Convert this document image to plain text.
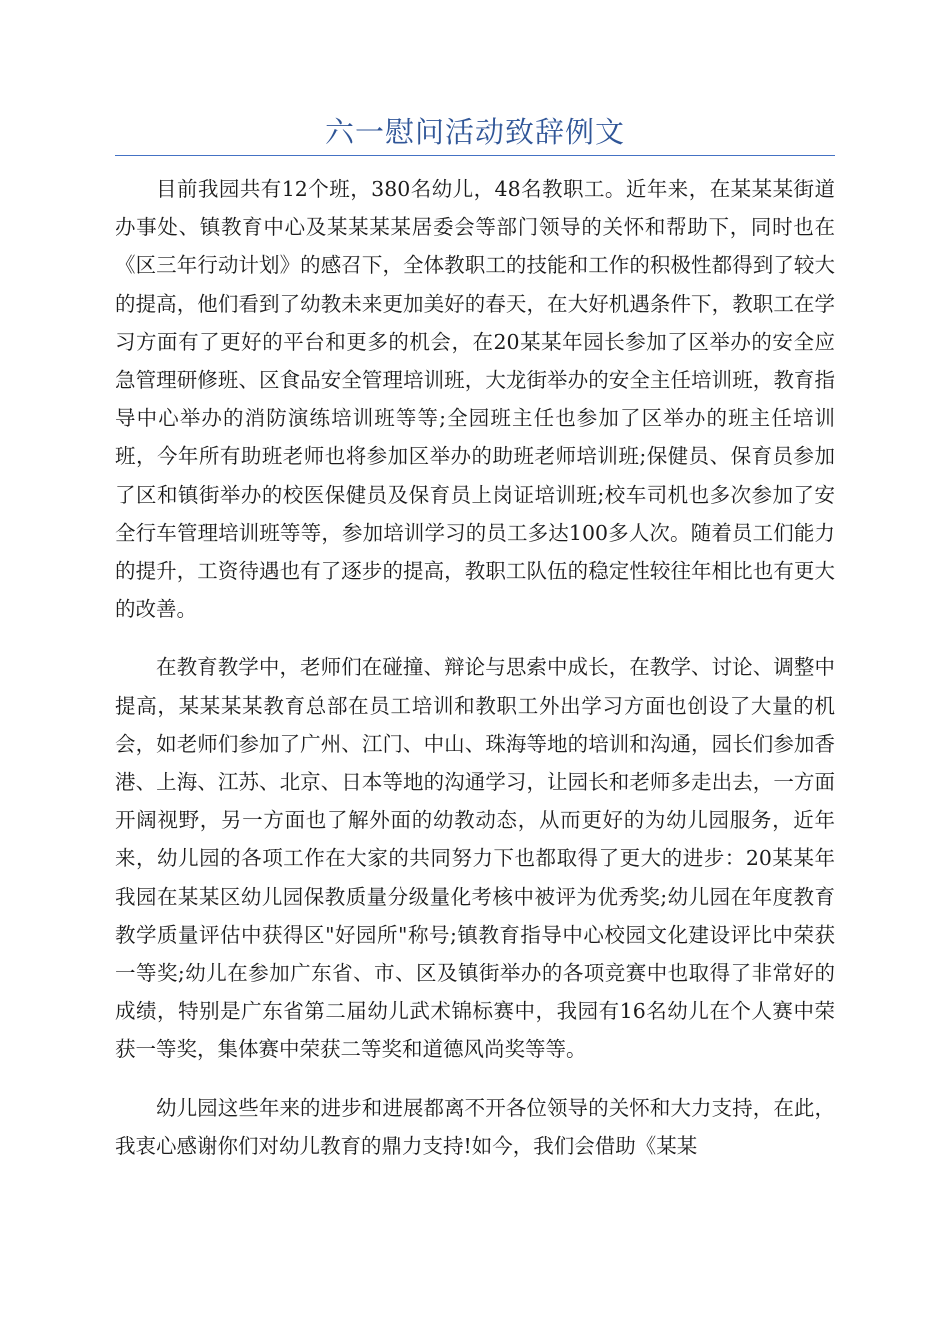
六一慰问活动致辞例文

目前我园共有12个班，380名幼儿，48名教职工。近年来，在某某某街道办事处、镇教育中心及某某某某居委会等部门领导的关怀和帮助下，同时也在《区三年行动计划》的感召下，全体教职工的技能和工作的积极性都得到了较大的提高，他们看到了幼教未来更加美好的春天，在大好机遇条件下，教职工在学习方面有了更好的平台和更多的机会，在20某某年园长参加了区举办的安全应急管理研修班、区食品安全管理培训班，大龙街举办的安全主任培训班，教育指导中心举办的消防演练培训班等等;全园班主任也参加了区举办的班主任培训班，今年所有助班老师也将参加区举办的助班老师培训班;保健员、保育员参加了区和镇街举办的校医保健员及保育员上岗证培训班;校车司机也多次参加了安全行车管理培训班等等，参加培训学习的员工多达100多人次。随着员工们能力的提升，工资待遇也有了逐步的提高，教职工队伍的稳定性较往年相比也有更大的改善。

在教育教学中，老师们在碰撞、辩论与思索中成长，在教学、讨论、调整中提高，某某某某教育总部在员工培训和教职工外出学习方面也创设了大量的机会，如老师们参加了广州、江门、中山、珠海等地的培训和沟通，园长们参加香港、上海、江苏、北京、日本等地的沟通学习，让园长和老师多走出去，一方面开阔视野，另一方面也了解外面的幼教动态，从而更好的为幼儿园服务，近年来，幼儿园的各项工作在大家的共同努力下也都取得了更大的进步：20某某年我园在某某区幼儿园保教质量分级量化考核中被评为优秀奖;幼儿园在年度教育教学质量评估中获得区"好园所"称号;镇教育指导中心校园文化建设评比中荣获一等奖;幼儿在参加广东省、市、区及镇街举办的各项竞赛中也取得了非常好的成绩，特别是广东省第二届幼儿武术锦标赛中，我园有16名幼儿在个人赛中荣获一等奖，集体赛中荣获二等奖和道德风尚奖等等。

幼儿园这些年来的进步和进展都离不开各位领导的关怀和大力支持，在此，我衷心感谢你们对幼儿教育的鼎力支持!如今，我们会借助《某某
